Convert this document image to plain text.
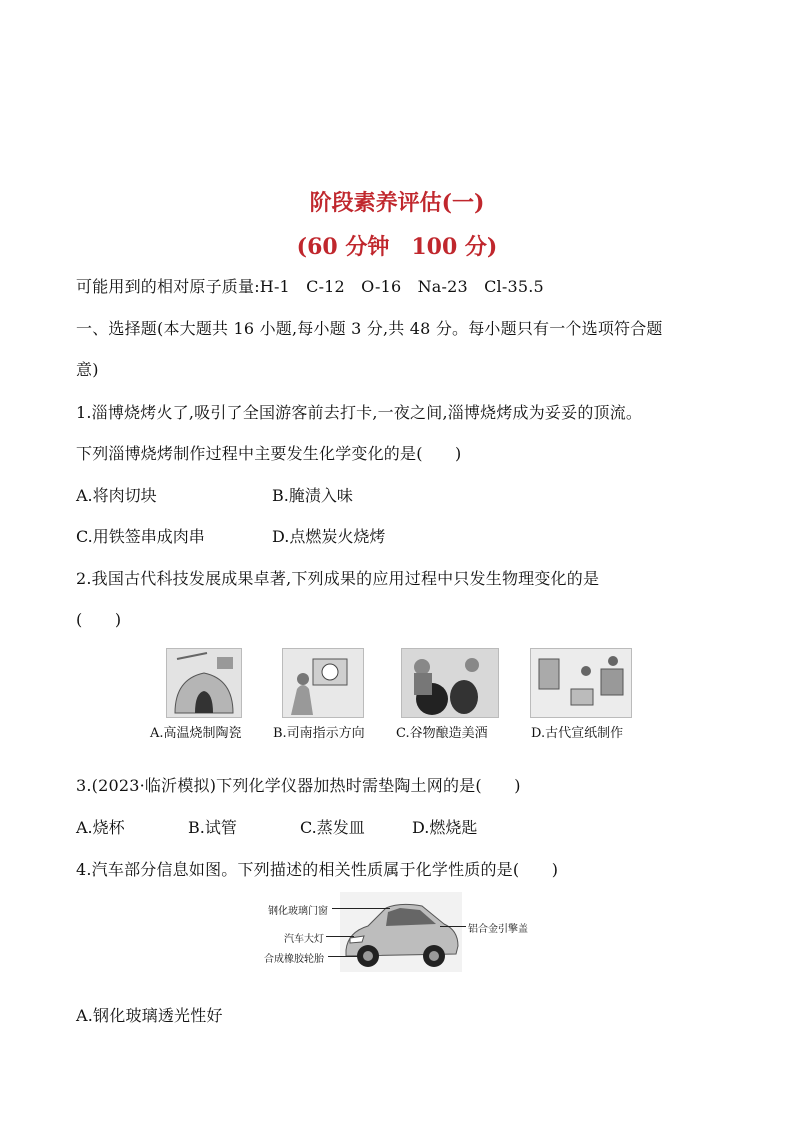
阶段素养评估(一)
(60 分钟　100 分)
可能用到的相对原子质量:H-1　C-12　O-16　Na-23　Cl-35.5
一、选择题(本大题共 16 小题,每小题 3 分,共 48 分。每小题只有一个选项符合题
意)
1.淄博烧烤火了,吸引了全国游客前去打卡,一夜之间,淄博烧烤成为妥妥的顶流。
下列淄博烧烤制作过程中主要发生化学变化的是(　　)
A.将肉切块	B.腌渍入味
C.用铁签串成肉串	D.点燃炭火烧烤
2.我国古代科技发展成果卓著,下列成果的应用过程中只发生物理变化的是
(　　)
A.高温烧制陶瓷 B.司南指示方向 C.谷物酿造美酒	D.古代宣纸制作
3.(2023·临沂模拟)下列化学仪器加热时需垫陶土网的是(　　)
A.烧杯	B.试管	C.蒸发皿	D.燃烧匙
4.汽车部分信息如图。下列描述的相关性质属于化学性质的是(　　)
钢化玻璃门窗
汽车大灯
合成橡胶轮胎
铝合金引擎盖
A.钢化玻璃透光性好
